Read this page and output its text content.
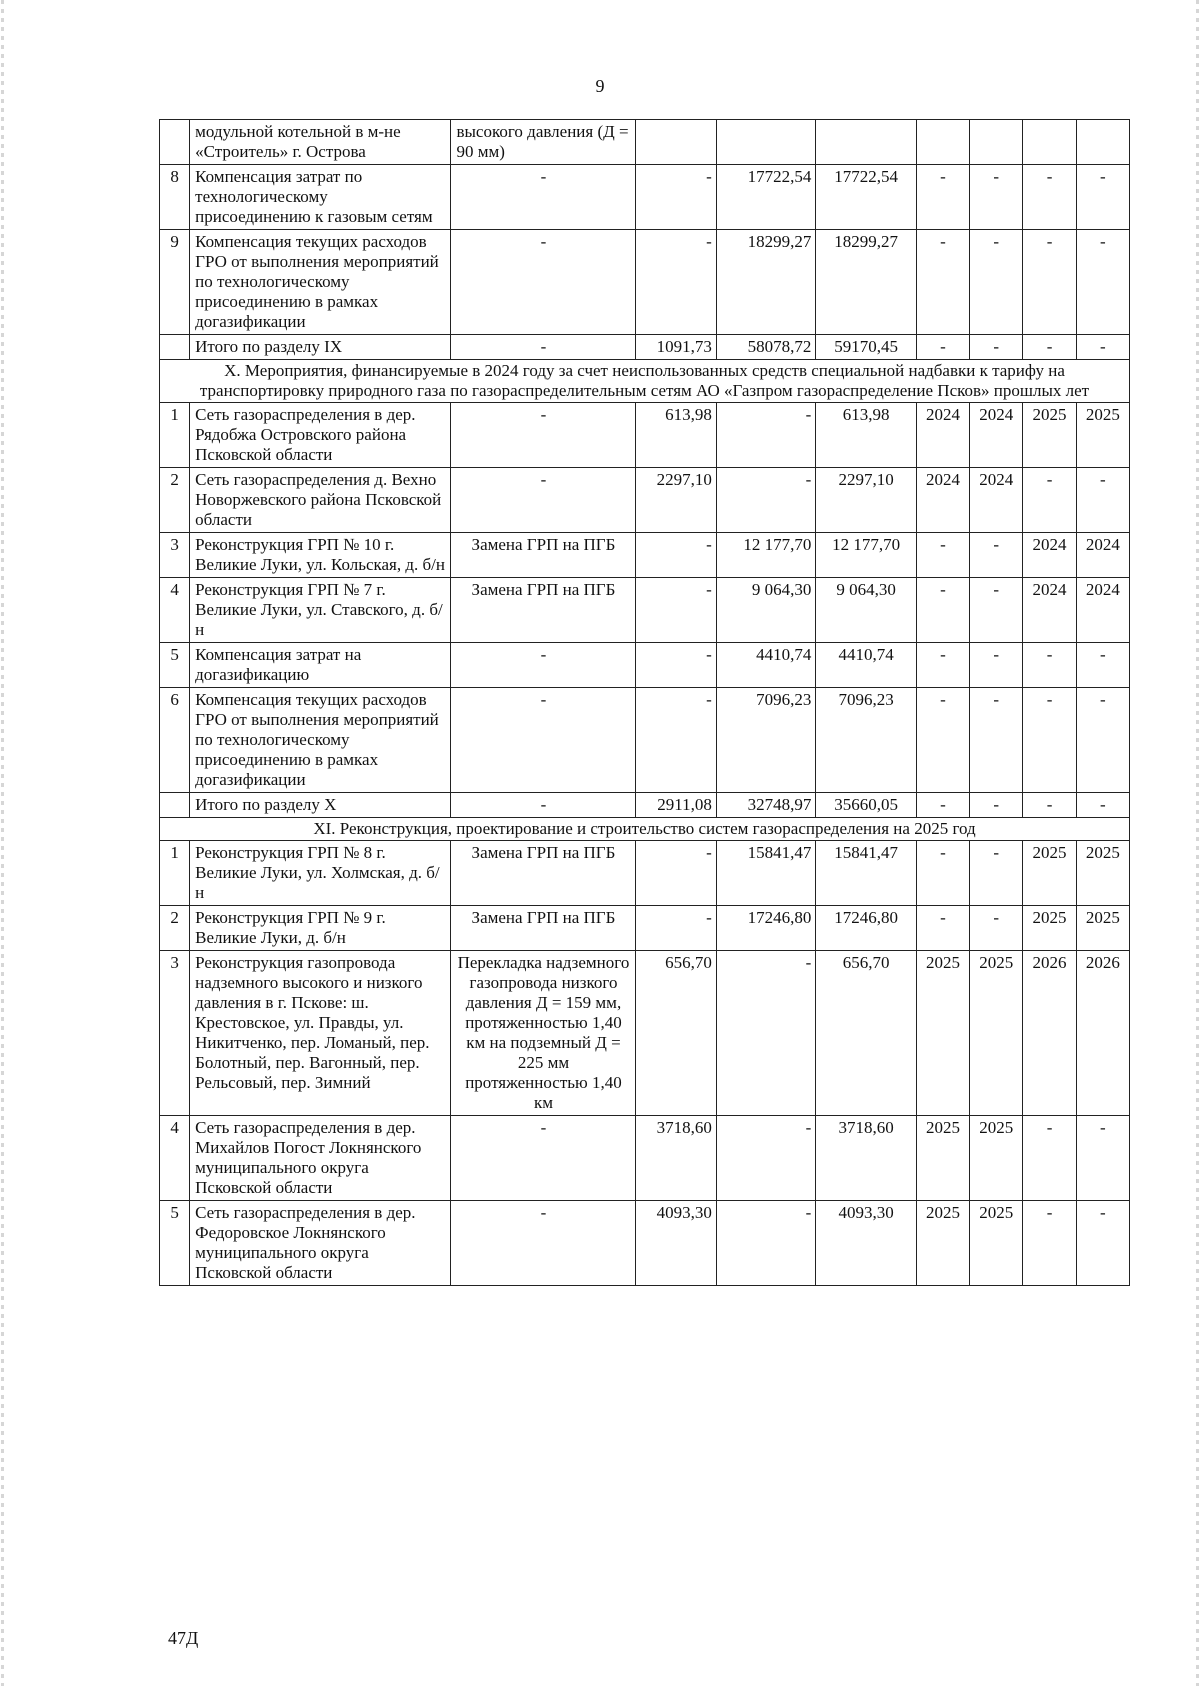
9
	модульной котельной в м-не «Строитель» г. Острова	высокого давления (Д = 90 мм)							
8	Компенсация затрат по технологическому присоединению к газовым сетям	-	-	17722,54	17722,54	-	-	-	-
9	Компенсация текущих расходов ГРО от выполнения мероприятий по технологическому присоединению в рамках догазификации	-	-	18299,27	18299,27	-	-	-	-
	Итого по разделу IX	-	1091,73	58078,72	59170,45	-	-	-	-
X. Мероприятия, финансируемые в 2024 году за счет неиспользованных средств специальной надбавки к тарифу на транспортировку природного газа по газораспределительным сетям АО «Газпром газораспределение Псков» прошлых лет									
1	Сеть газораспределения в дер. Рядобжа Островского района Псковской области	-	613,98	-	613,98	2024	2024	2025	2025
2	Сеть газораспределения д. Вехно Новоржевского района Псковской области	-	2297,10	-	2297,10	2024	2024	-	-
3	Реконструкция ГРП № 10 г. Великие Луки, ул. Кольская, д. б/н	Замена ГРП на ПГБ	-	12 177,70	12 177,70	-	-	2024	2024
4	Реконструкция ГРП № 7 г. Великие Луки, ул. Ставского, д. б/н	Замена ГРП на ПГБ	-	9 064,30	9 064,30	-	-	2024	2024
5	Компенсация затрат на догазификацию	-	-	4410,74	4410,74	-	-	-	-
6	Компенсация текущих расходов ГРО от выполнения мероприятий по технологическому присоединению в рамках догазификации	-	-	7096,23	7096,23	-	-	-	-
	Итого по разделу X	-	2911,08	32748,97	35660,05	-	-	-	-
XI. Реконструкция, проектирование и строительство систем газораспределения на 2025 год									
1	Реконструкция ГРП № 8 г. Великие Луки, ул. Холмская, д. б/н	Замена ГРП на ПГБ	-	15841,47	15841,47	-	-	2025	2025
2	Реконструкция ГРП № 9 г. Великие Луки, д. б/н	Замена ГРП на ПГБ	-	17246,80	17246,80	-	-	2025	2025
3	Реконструкция газопровода надземного высокого и низкого давления в г. Пскове: ш. Крестовское, ул. Правды, ул. Никитченко, пер. Ломаный, пер. Болотный, пер. Вагонный, пер. Рельсовый, пер. Зимний	Перекладка надземного газопровода низкого давления Д = 159 мм, протяженностью 1,40 км на подземный Д = 225 мм протяженностью 1,40 км	656,70	-	656,70	2025	2025	2026	2026
4	Сеть газораспределения в дер. Михайлов Погост Локнянского муниципального округа Псковской области	-	3718,60	-	3718,60	2025	2025	-	-
5	Сеть газораспределения в дер. Федоровское Локнянского муниципального округа Псковской области	-	4093,30	-	4093,30	2025	2025	-	-
47Д
